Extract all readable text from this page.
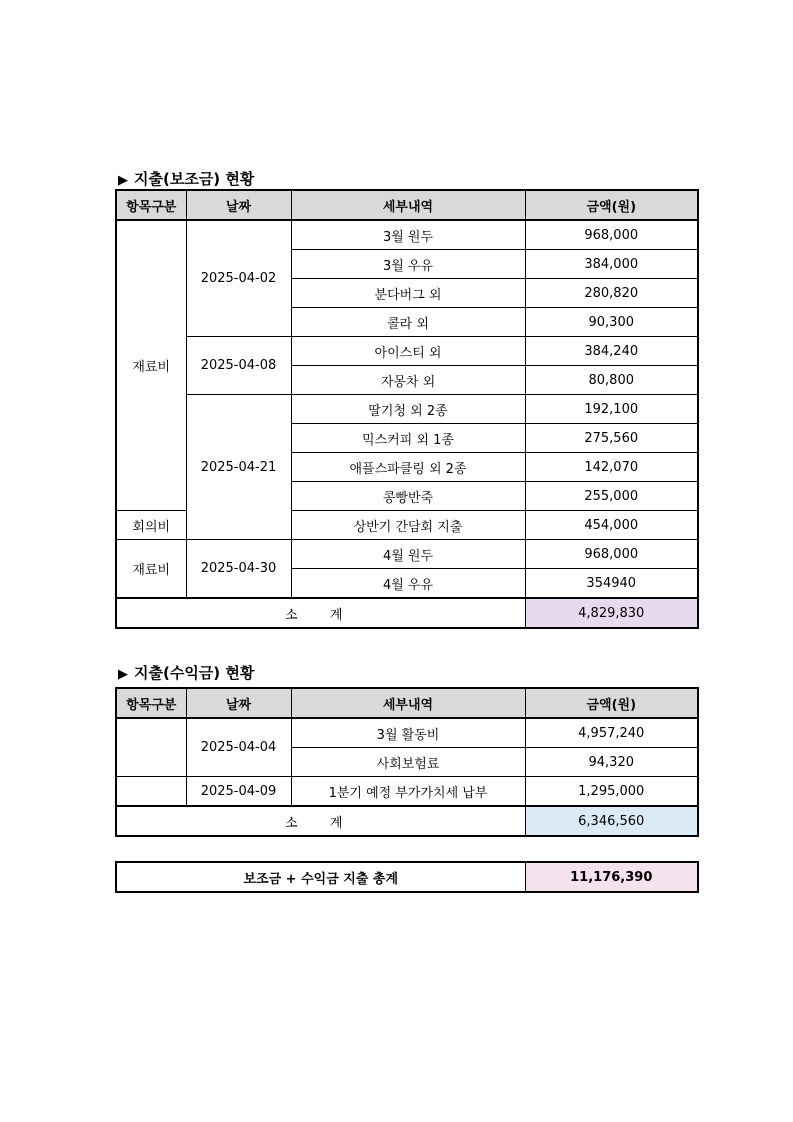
▶ 지출(보조금) 현황
항목구분	날짜	세부내역	금액(원)
재료비	2025-04-02	3월 원두	968,000
		3월 우유	384,000
		분다버그 외	280,820
		콜라 외	90,300
	2025-04-08	아이스티 외	384,240
		자몽차 외	80,800
	2025-04-21	딸기청 외 2종	192,100
		믹스커피 외 1종	275,560
		애플스파클링 외 2종	142,070
		콩빵반죽	255,000
회의비		상반기 간담회 지출	454,000
재료비	2025-04-30	4월 원두	968,000
		4월 우유	354940
소 계			4,829,830
▶ 지출(수익금) 현황
항목구분	날짜	세부내역	금액(원)
	2025-04-04	3월 활동비	4,957,240
		사회보험료	94,320
	2025-04-09	1분기 예정 부가가치세 납부	1,295,000
소 계			6,346,560
보조금 + 수익금 지출 총계	11,176,390
